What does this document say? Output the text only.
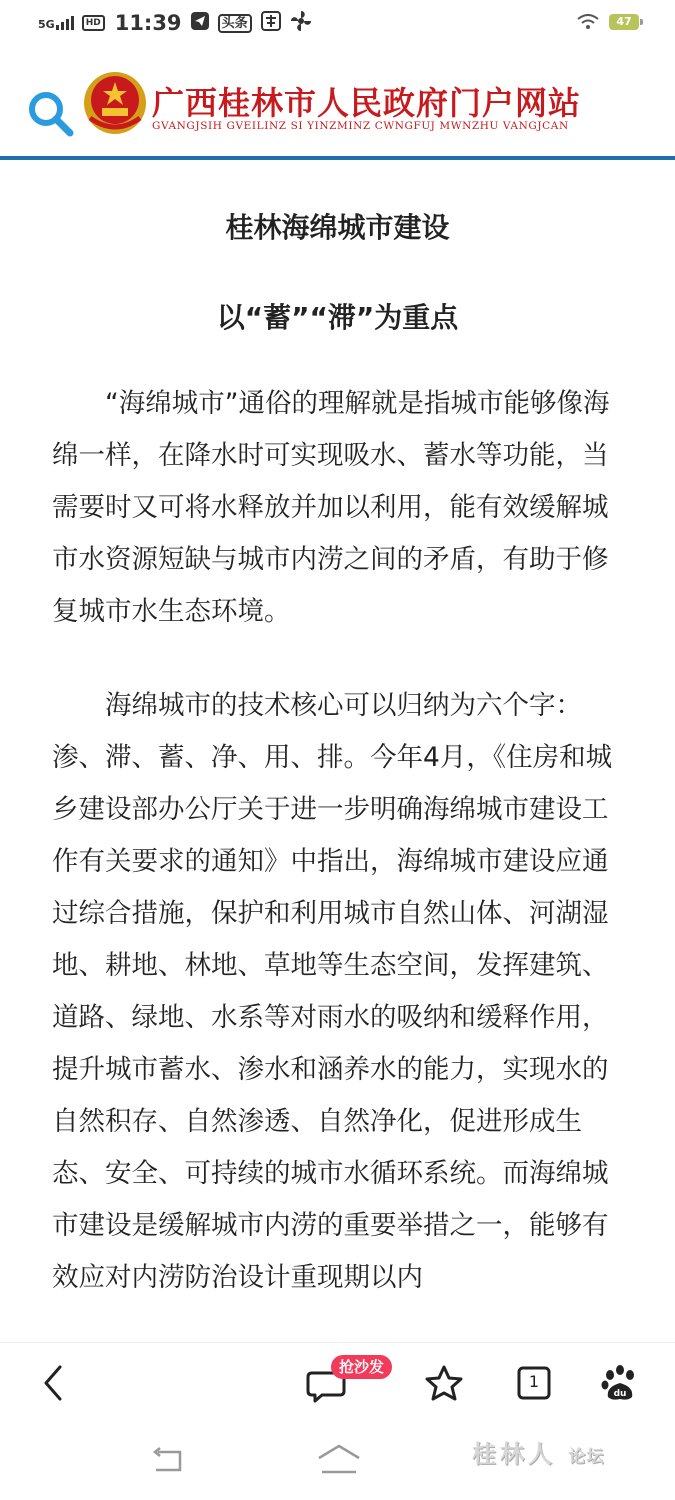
5G	HD 11:39	头条	47
广西桂林市人民政府门户网站
GVANGJSIH GVEILINZ SI YINZMINZ CWNGFUJ MWNZHU VANGJCAN
桂林海绵城市建设
以“蓄”“滞”为重点

“海绵城市”通俗的理解就是指城市能够像海绵一样，在降水时可实现吸水、蓄水等功能，当需要时又可将水释放并加以利用，能有效缓解城市水资源短缺与城市内涝之间的矛盾，有助于修复城市水生态环境。

海绵城市的技术核心可以归纳为六个字：渗、滞、蓄、净、用、排。今年4月，《住房和城乡建设部办公厅关于进一步明确海绵城市建设工作有关要求的通知》中指出，海绵城市建设应通过综合措施，保护和利用城市自然山体、河湖湿地、耕地、林地、草地等生态空间，发挥建筑、道路、绿地、水系等对雨水的吸纳和缓释作用，提升城市蓄水、渗水和涵养水的能力，实现水的自然积存、自然渗透、自然净化，促进形成生态、安全、可持续的城市水循环系统。而海绵城市建设是缓解城市内涝的重要举措之一，能够有效应对内涝防治设计重现期以内

抢沙发
1
du
桂林人 论坛
